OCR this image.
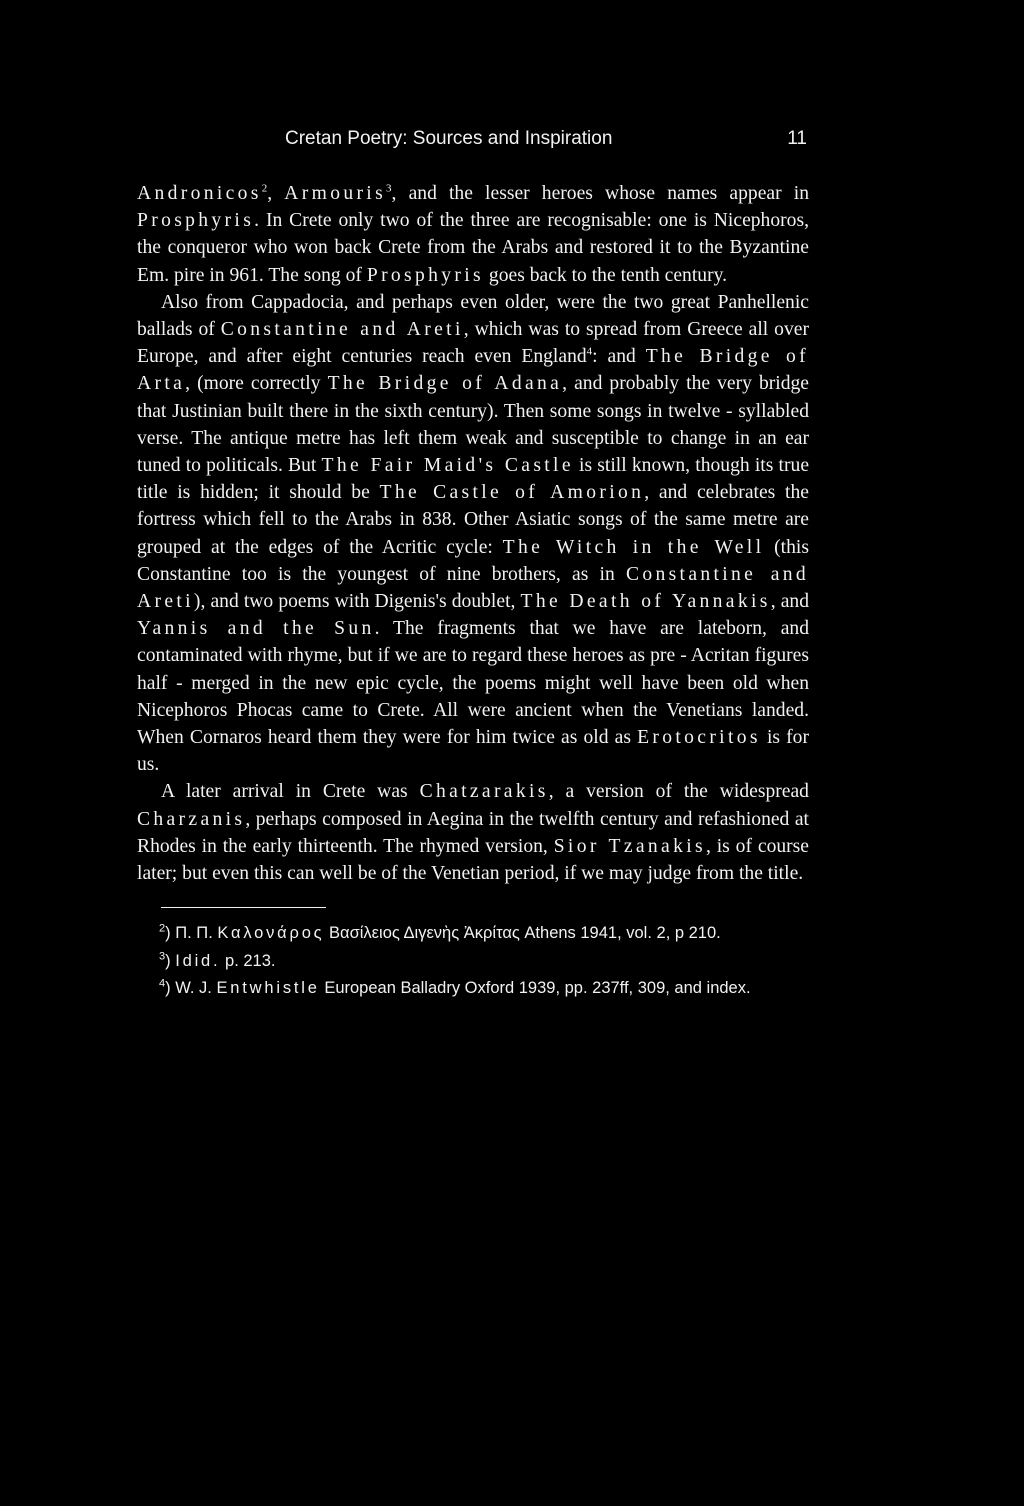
Cretan Poetry: Sources and Inspiration	11

Andronicos$^2$, Armouris$^3$, and the lesser heroes whose names appear in Prosphyris. In Crete only two of the three are recognisable: one is Nicephoros, the conqueror who won back Crete from the Arabs and restored it to the Byzantine Em. pire in 961. The song of Prosphyris goes back to the tenth century.

Also from Cappadocia, and perhaps even older, were the two great Panhellenic ballads of Constantine and Areti, which was to spread from Greece all over Europe, and after eight centuries reach even England$^4$: and The Bridge of Arta, (more correctly The Bridge of Adana, and probably the very bridge that Justinian built there in the sixth century). Then some songs in twelve - syllabled verse. The antique metre has left them weak and susceptible to change in an ear tuned to politicals. But The Fair Maid's Castle is still known, though its true title is hidden; it should be The Castle of Amorion, and celebrates the fortress which fell to the Arabs in 838. Other Asiatic songs of the same metre are grouped at the edges of the Acritic cycle: The Witch in the Well (this Constantine too is the youngest of nine brothers, as in Constantine and Areti), and two poems with Digenis's doublet, The Death of Yannakis, and Yannis and the Sun. The fragments that we have are lateborn, and contaminated with rhyme, but if we are to regard these heroes as pre - Acritan figures half - merged in the new epic cycle, the poems might well have been old when Nicephoros Phocas came to Crete. All were ancient when the Venetians landed. When Cornaros heard them they were for him twice as old as Erotocritos is for us.

A later arrival in Crete was Chatzarakis, a version of the widespread Charzanis, perhaps composed in Aegina in the twelfth century and refashioned at Rhodes in the early thirteenth. The rhymed version, Sior Tzanakis, is of course later; but even this can well be of the Venetian period, if we may judge from the title.

$^2$) Π. Π. Καλονάρος Βασίλειος Διγενὴς Ἀκρίτας Athens 1941, vol. 2, p 210.

$^3$) Idid. p. 213.

$^4$) W. J. Entwhistle European Balladry Oxford 1939, pp. 237ff, 309, and index.
